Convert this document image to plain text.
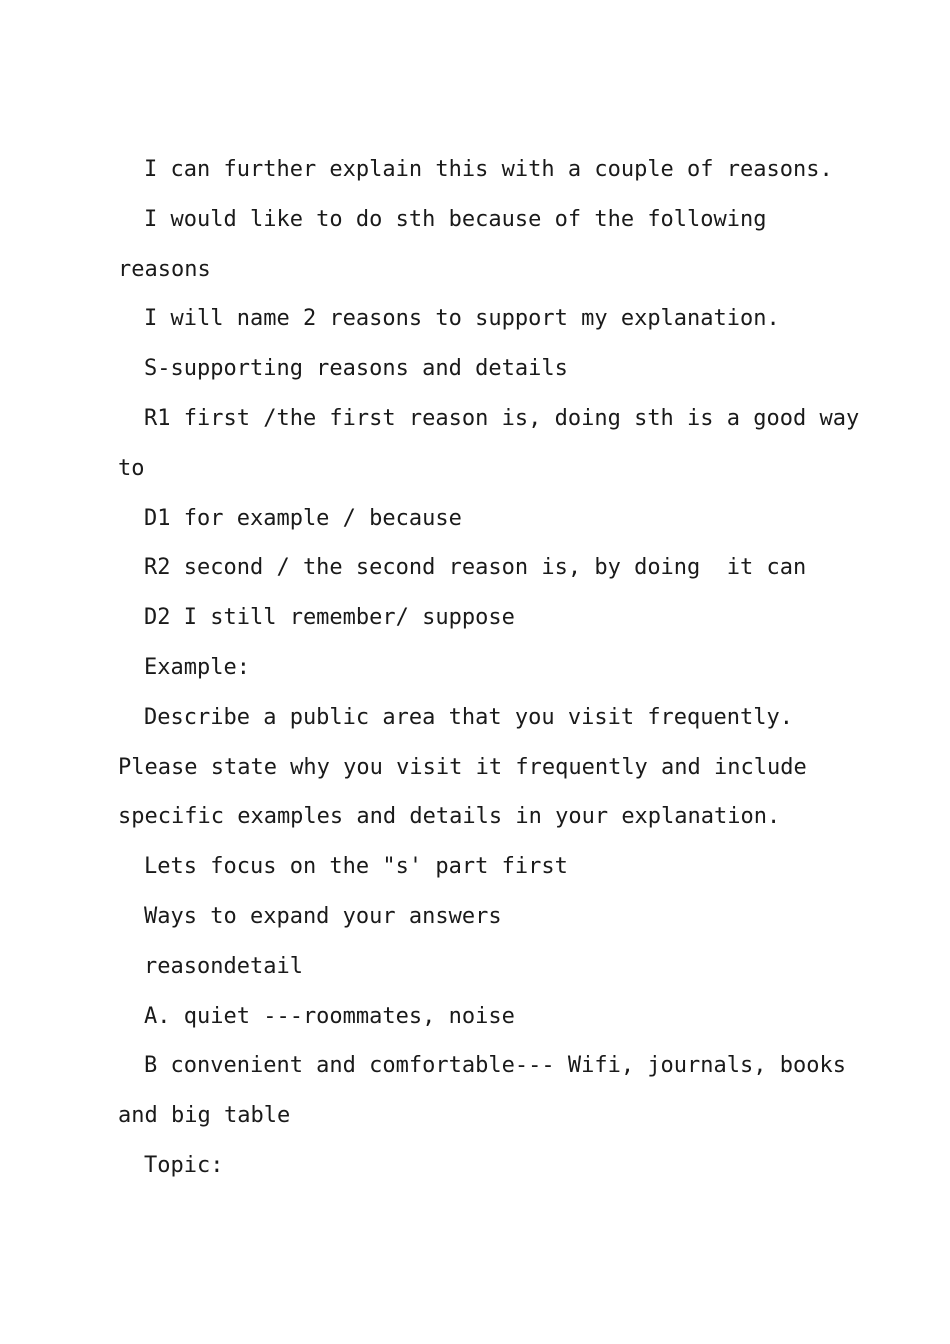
I can further explain this with a couple of reasons.
I would like to do sth because of the following
reasons
I will name 2 reasons to support my explanation.
S-supporting reasons and details
R1 first /the first reason is, doing sth is a good way
to
D1 for example / because
R2 second / the second reason is, by doing  it can
D2 I still remember/ suppose
Example:
Describe a public area that you visit frequently.
Please state why you visit it frequently and include
specific examples and details in your explanation.
Lets focus on the "s' part first
Ways to expand your answers
reasondetail
A. quiet ---roommates, noise
B convenient and comfortable--- Wifi, journals, books
and big table
Topic:
